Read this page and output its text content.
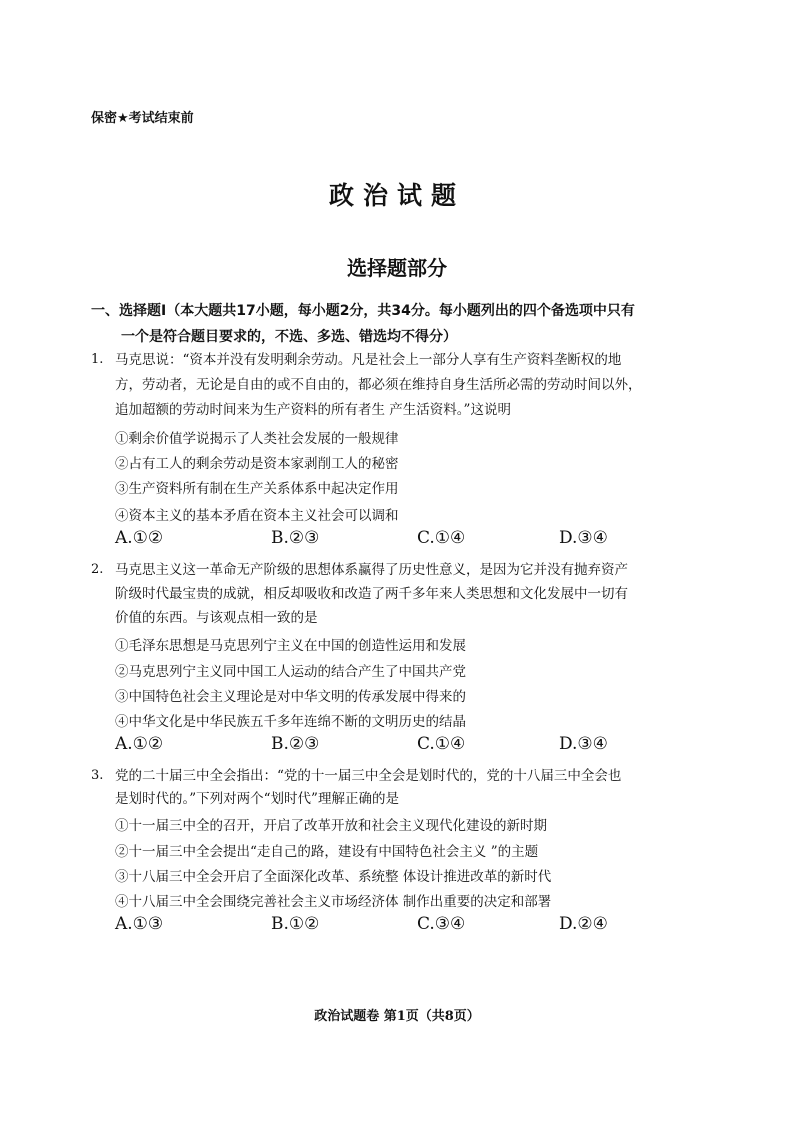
保密★考试结束前
政治试题
选择题部分
一、选择题I（本大题共17小题，每小题2分，共34分。每小题列出的四个备选项中只有
一个是符合题目要求的，不选、多选、错选均不得分）
1. 马克思说：“资本并没有发明剩余劳动。凡是社会上一部分人享有生产资料垄断权的地
方，劳动者，无论是自由的或不自由的，都必须在维持自身生活所必需的劳动时间以外，
追加超额的劳动时间来为生产资料的所有者生 产生活资料。”这说明
①剩余价值学说揭示了人类社会发展的一般规律
②占有工人的剩余劳动是资本家剥削工人的秘密
③生产资料所有制在生产关系体系中起决定作用
④资本主义的基本矛盾在资本主义社会可以调和
A.①②	B.②③	C.①④	D.③④
2. 马克思主义这一革命无产阶级的思想体系赢得了历史性意义，是因为它并没有抛弃资产
阶级时代最宝贵的成就，相反却吸收和改造了两千多年来人类思想和文化发展中一切有
价值的东西。与该观点相一致的是
①毛泽东思想是马克思列宁主义在中国的创造性运用和发展
②马克思列宁主义同中国工人运动的结合产生了中国共产党
③中国特色社会主义理论是对中华文明的传承发展中得来的
④中华文化是中华民族五千多年连绵不断的文明历史的结晶
A.①②	B.②③	C.①④	D.③④
3. 党的二十届三中全会指出：“党的十一届三中全会是划时代的，党的十八届三中全会也
是划时代的。”下列对两个“划时代”理解正确的是
①十一届三中全的召开，开启了改革开放和社会主义现代化建设的新时期
②十一届三中全会提出“走自己的路，建设有中国特色社会主义 ”的主题
③十八届三中全会开启了全面深化改革、系统整 体设计推进改革的新时代
④十八届三中全会围绕完善社会主义市场经济体 制作出重要的决定和部署
A.①③	B.①②	C.③④	D.②④
政治试题卷 第1页（共8页）
